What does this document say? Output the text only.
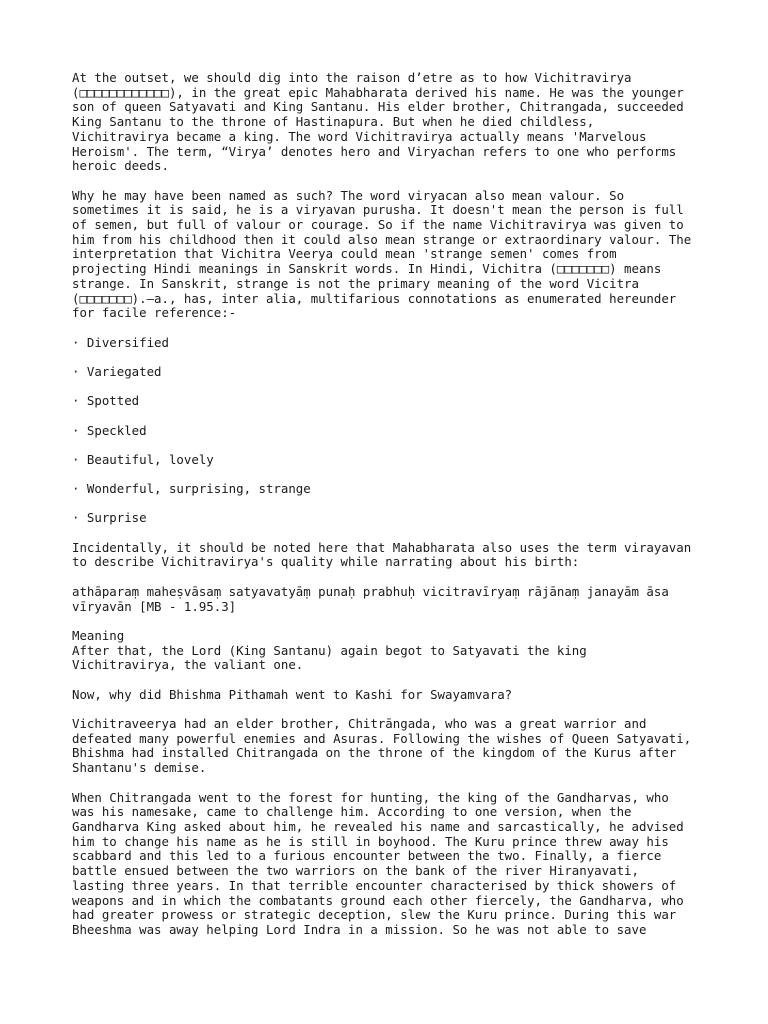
At the outset, we should dig into the raison d’etre as to how Vichitravirya
(□□□□□□□□□□□□), in the great epic Mahabharata derived his name. He was the younger
son of queen Satyavati and King Santanu. His elder brother, Chitrangada, succeeded
King Santanu to the throne of Hastinapura. But when he died childless,
Vichitravirya became a king. The word Vichitravirya actually means 'Marvelous
Heroism'. The term, “Virya’ denotes hero and Viryachan refers to one who performs
heroic deeds.

Why he may have been named as such? The word viryacan also mean valour. So
sometimes it is said, he is a viryavan purusha. It doesn't mean the person is full
of semen, but full of valour or courage. So if the name Vichitravirya was given to
him from his childhood then it could also mean strange or extraordinary valour. The
interpretation that Vichitra Veerya could mean 'strange semen' comes from
projecting Hindi meanings in Sanskrit words. In Hindi, Vichitra (□□□□□□□) means
strange. In Sanskrit, strange is not the primary meaning of the word Vicitra
(□□□□□□□).—a., has, inter alia, multifarious connotations as enumerated hereunder
for facile reference:-

· Diversified

· Variegated

· Spotted

· Speckled

· Beautiful, lovely

· Wonderful, surprising, strange

· Surprise

Incidentally, it should be noted here that Mahabharata also uses the term virayavan
to describe Vichitravirya's quality while narrating about his birth:

athāparaṃ maheṣvāsaṃ satyavatyāṃ punaḥ prabhuḥ vicitravīryaṃ rājānaṃ janayām āsa
vīryavān [MB - 1.95.3]

Meaning

After that, the Lord (King Santanu) again begot to Satyavati the king
Vichitravirya, the valiant one.

Now, why did Bhishma Pithamah went to Kashi for Swayamvara?

Vichitraveerya had an elder brother, Chitrāngada, who was a great warrior and
defeated many powerful enemies and Asuras. Following the wishes of Queen Satyavati,
Bhishma had installed Chitrangada on the throne of the kingdom of the Kurus after
Shantanu's demise.

When Chitrangada went to the forest for hunting, the king of the Gandharvas, who
was his namesake, came to challenge him. According to one version, when the
Gandharva King asked about him, he revealed his name and sarcastically, he advised
him to change his name as he is still in boyhood. The Kuru prince threw away his
scabbard and this led to a furious encounter between the two. Finally, a fierce
battle ensued between the two warriors on the bank of the river Hiranyavati,
lasting three years. In that terrible encounter characterised by thick showers of
weapons and in which the combatants ground each other fiercely, the Gandharva, who
had greater prowess or strategic deception, slew the Kuru prince. During this war
Bheeshma was away helping Lord Indra in a mission. So he was not able to save
